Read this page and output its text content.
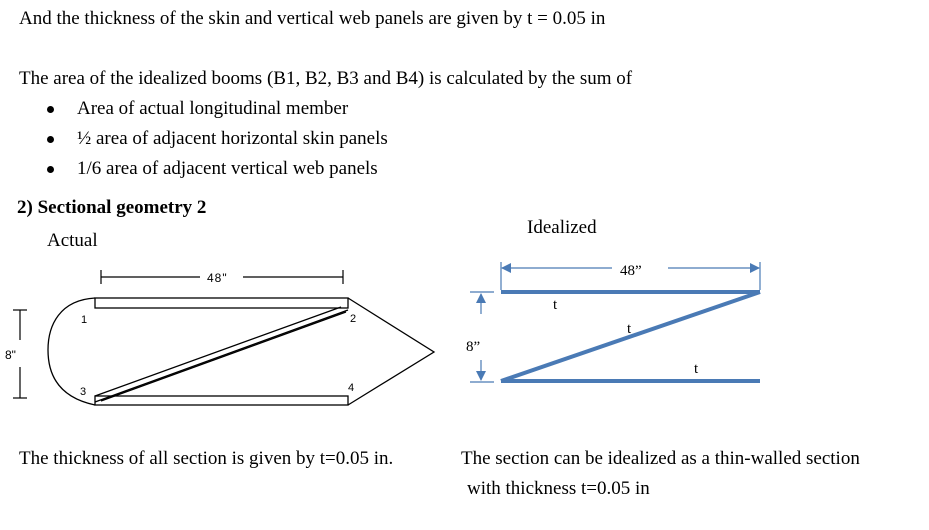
And the thickness of the skin and vertical web panels are given by t = 0.05 in
The area of the idealized booms (B1, B2, B3 and B4) is calculated by the sum of
Area of actual longitudinal member
½ area of adjacent horizontal skin panels
1/6 area of adjacent vertical web panels
2) Sectional geometry 2
Actual
Idealized
The thickness of all section is given by t=0.05 in.	The section can be idealized as a thin-walled section
with thickness t=0.05 in
48"
8"
1	2
3	4
48”
8”
t
t
t
